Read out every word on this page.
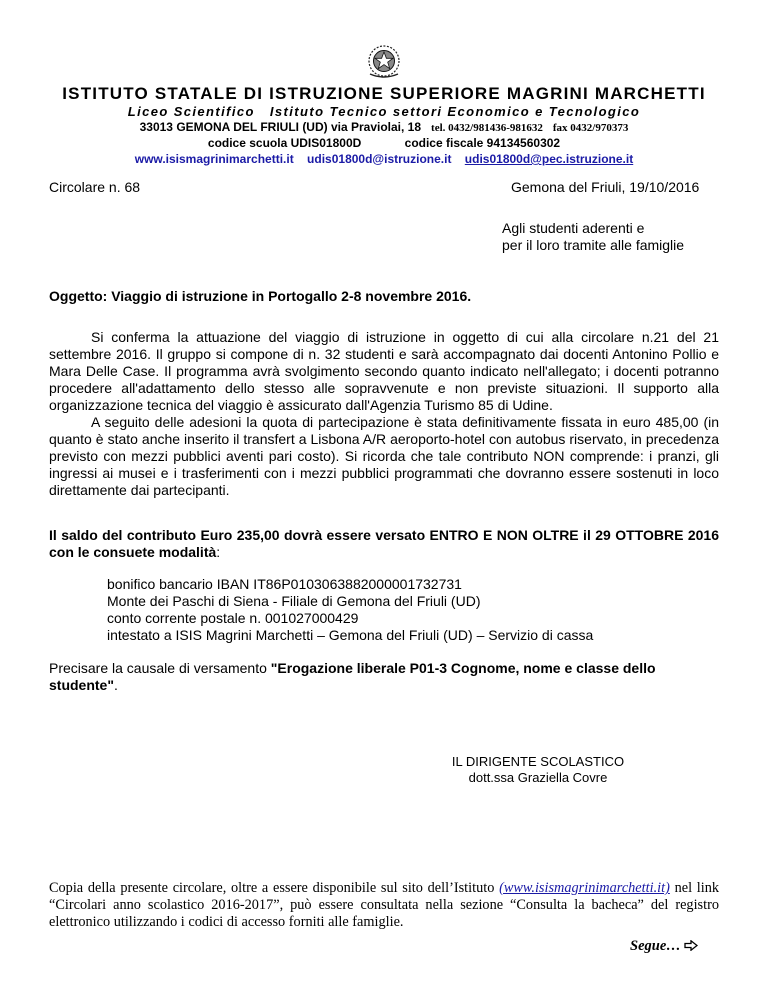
ISTITUTO STATALE DI ISTRUZIONE SUPERIORE MAGRINI MARCHETTI
Liceo Scientifico Istituto Tecnico settori Economico e Tecnologico
33013 GEMONA DEL FRIULI (UD) via Praviolai, 18 tel. 0432/981436-981632 fax 0432/970373
codice scuola UDIS01800D	codice fiscale 94134560302
www.isismagrinimarchetti.it udis01800d@istruzione.it udis01800d@pec.istruzione.it
Circolare n. 68	Gemona del Friuli, 19/10/2016
Agli studenti aderenti e
per il loro tramite alle famiglie
Oggetto: Viaggio di istruzione in Portogallo 2-8 novembre 2016.
Si conferma la attuazione del viaggio di istruzione in oggetto di cui alla circolare n.21 del 21 settembre 2016. Il gruppo si compone di n. 32 studenti e sarà accompagnato dai docenti Antonino Pollio e Mara Delle Case. Il programma avrà svolgimento secondo quanto indicato nell'allegato; i docenti potranno procedere all'adattamento dello stesso alle sopravvenute e non previste situazioni. Il supporto alla organizzazione tecnica del viaggio è assicurato dall'Agenzia Turismo 85 di Udine.
A seguito delle adesioni la quota di partecipazione è stata definitivamente fissata in euro 485,00 (in quanto è stato anche inserito il transfert a Lisbona A/R aeroporto-hotel con autobus riservato, in precedenza previsto con mezzi pubblici aventi pari costo). Si ricorda che tale contributo NON comprende: i pranzi, gli ingressi ai musei e i trasferimenti con i mezzi pubblici programmati che dovranno essere sostenuti in loco direttamente dai partecipanti.
Il saldo del contributo Euro 235,00 dovrà essere versato ENTRO E NON OLTRE il 29 OTTOBRE 2016 con le consuete modalità:
bonifico bancario IBAN IT86P0103063882000001732731
Monte dei Paschi di Siena - Filiale di Gemona del Friuli (UD)
conto corrente postale n. 001027000429
intestato a ISIS Magrini Marchetti – Gemona del Friuli (UD) – Servizio di cassa
Precisare la causale di versamento "Erogazione liberale P01-3 Cognome, nome e classe dello studente".
IL DIRIGENTE SCOLASTICO
dott.ssa Graziella Covre
Copia della presente circolare, oltre a essere disponibile sul sito dell’Istituto (www.isismagrinimarchetti.it) nel link “Circolari anno scolastico 2016-2017”, può essere consultata nella sezione “Consulta la bacheca” del registro elettronico utilizzando i codici di accesso forniti alle famiglie.
Segue…
